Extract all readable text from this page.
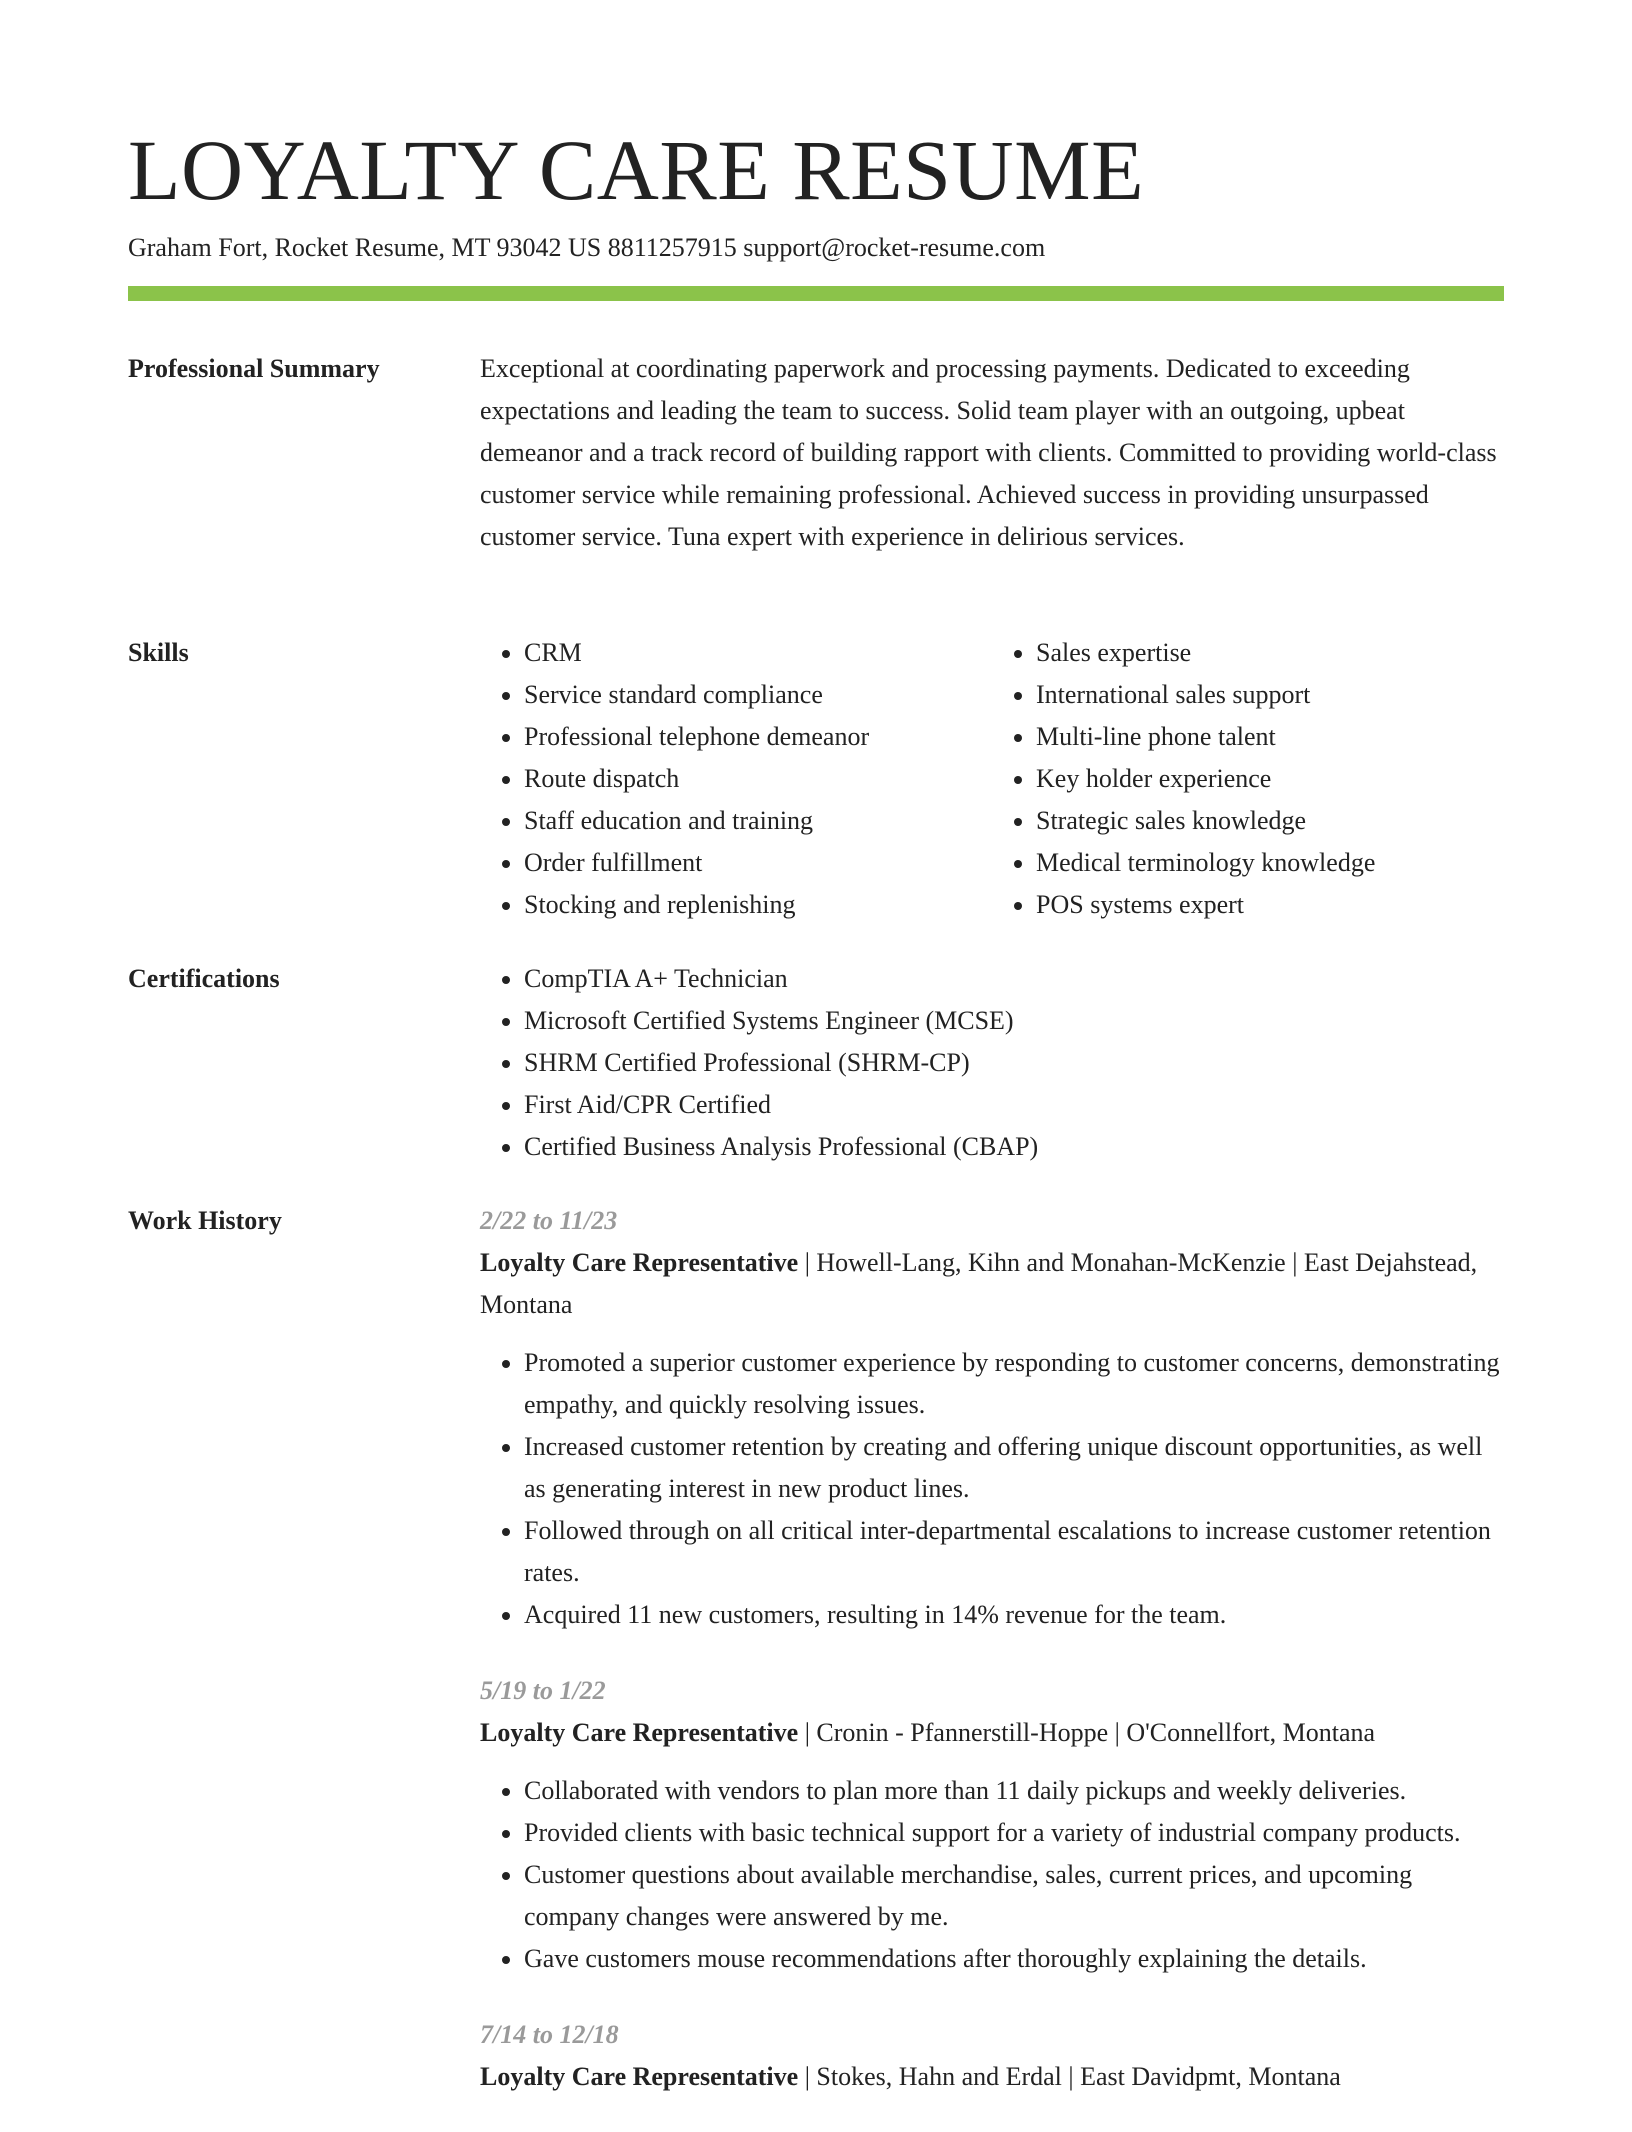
LOYALTY CARE RESUME
Graham Fort, Rocket Resume, MT 93042 US 8811257915 support@rocket-resume.com
Professional Summary	Exceptional at coordinating paperwork and processing payments. Dedicated to exceeding expectations and leading the team to success. Solid team player with an outgoing, upbeat demeanor and a track record of building rapport with clients. Committed to providing world-class customer service while remaining professional. Achieved success in providing unsurpassed customer service. Tuna expert with experience in delirious services.

Skills	• CRM
• Service standard compliance
• Professional telephone demeanor
• Route dispatch
• Staff education and training
• Order fulfillment
• Stocking and replenishing
• Sales expertise
• International sales support
• Multi-line phone talent
• Key holder experience
• Strategic sales knowledge
• Medical terminology knowledge
• POS systems expert
Certifications	• CompTIA A+ Technician
• Microsoft Certified Systems Engineer (MCSE)
• SHRM Certified Professional (SHRM-CP)
• First Aid/CPR Certified
• Certified Business Analysis Professional (CBAP)
Work History	2/22 to 11/23
Loyalty Care Representative | Howell-Lang, Kihn and Monahan-McKenzie | East Dejahstead, Montana
• Promoted a superior customer experience by responding to customer concerns, demonstrating empathy, and quickly resolving issues.
• Increased customer retention by creating and offering unique discount opportunities, as well as generating interest in new product lines.
• Followed through on all critical inter-departmental escalations to increase customer retention rates.
• Acquired 11 new customers, resulting in 14% revenue for the team.
5/19 to 1/22
Loyalty Care Representative | Cronin - Pfannerstill-Hoppe | O'Connellfort, Montana
• Collaborated with vendors to plan more than 11 daily pickups and weekly deliveries.
• Provided clients with basic technical support for a variety of industrial company products.
• Customer questions about available merchandise, sales, current prices, and upcoming company changes were answered by me.
• Gave customers mouse recommendations after thoroughly explaining the details.
7/14 to 12/18
Loyalty Care Representative | Stokes, Hahn and Erdal | East Davidpmt, Montana
